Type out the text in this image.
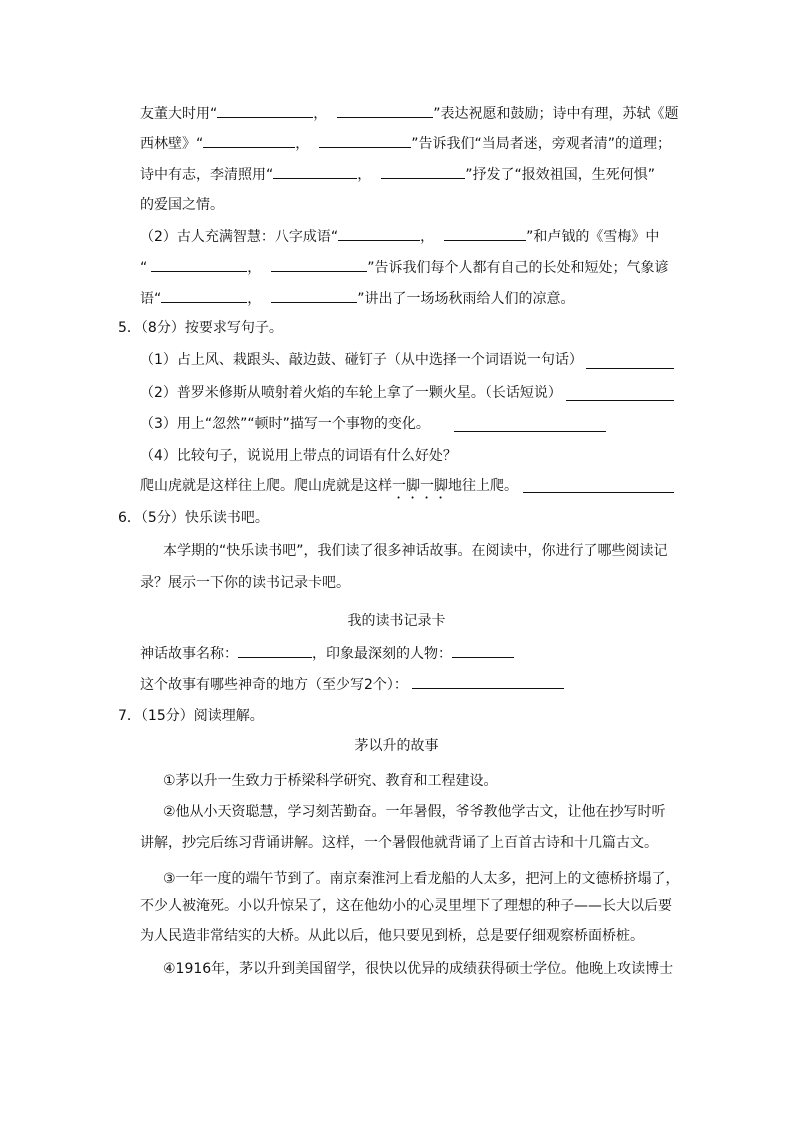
友董大时用“	，	”表达祝愿和鼓励；诗中有理，苏轼《题
西林壁》“	，	”告诉我们“当局者迷，旁观者清”的道理；
诗中有志，李清照用“	，	”抒发了“报效祖国，生死何惧”
的爱国之情。
（2）古人充满智慧：八字成语“	，	”和卢钺的《雪梅》中
“	，	”告诉我们每个人都有自己的长处和短处；气象谚
语“	，	”讲出了一场场秋雨给人们的凉意。
5．（8分）按要求写句子。
（1）占上风、栽跟头、敲边鼓、碰钉子（从中选择一个词语说一句话）
（2）普罗米修斯从喷射着火焰的车轮上拿了一颗火星。（长话短说）
（3）用上“忽然”“顿时”描写一个事物的变化。
（4）比较句子，说说用上带点的词语有什么好处？
爬山虎就是这样往上爬。爬山虎就是这样一脚一脚地往上爬。
6．（5分）快乐读书吧。
本学期的“快乐读书吧”，我们读了很多神话故事。在阅读中，你进行了哪些阅读记
录？展示一下你的读书记录卡吧。
我的读书记录卡
神话故事名称：	，印象最深刻的人物：
这个故事有哪些神奇的地方（至少写2个）：
7．（15分）阅读理解。
茅以升的故事
①茅以升一生致力于桥梁科学研究、教育和工程建设。
②他从小天资聪慧，学习刻苦勤奋。一年暑假，爷爷教他学古文，让他在抄写时听
讲解，抄完后练习背诵讲解。这样，一个暑假他就背诵了上百首古诗和十几篇古文。
③一年一度的端午节到了。南京秦淮河上看龙船的人太多，把河上的文德桥挤塌了，
不少人被淹死。小以升惊呆了，这在他幼小的心灵里埋下了理想的种子——长大以后要
为人民造非常结实的大桥。从此以后，他只要见到桥，总是要仔细观察桥面桥桩。
④1916年，茅以升到美国留学，很快以优异的成绩获得硕士学位。他晚上攻读博士
